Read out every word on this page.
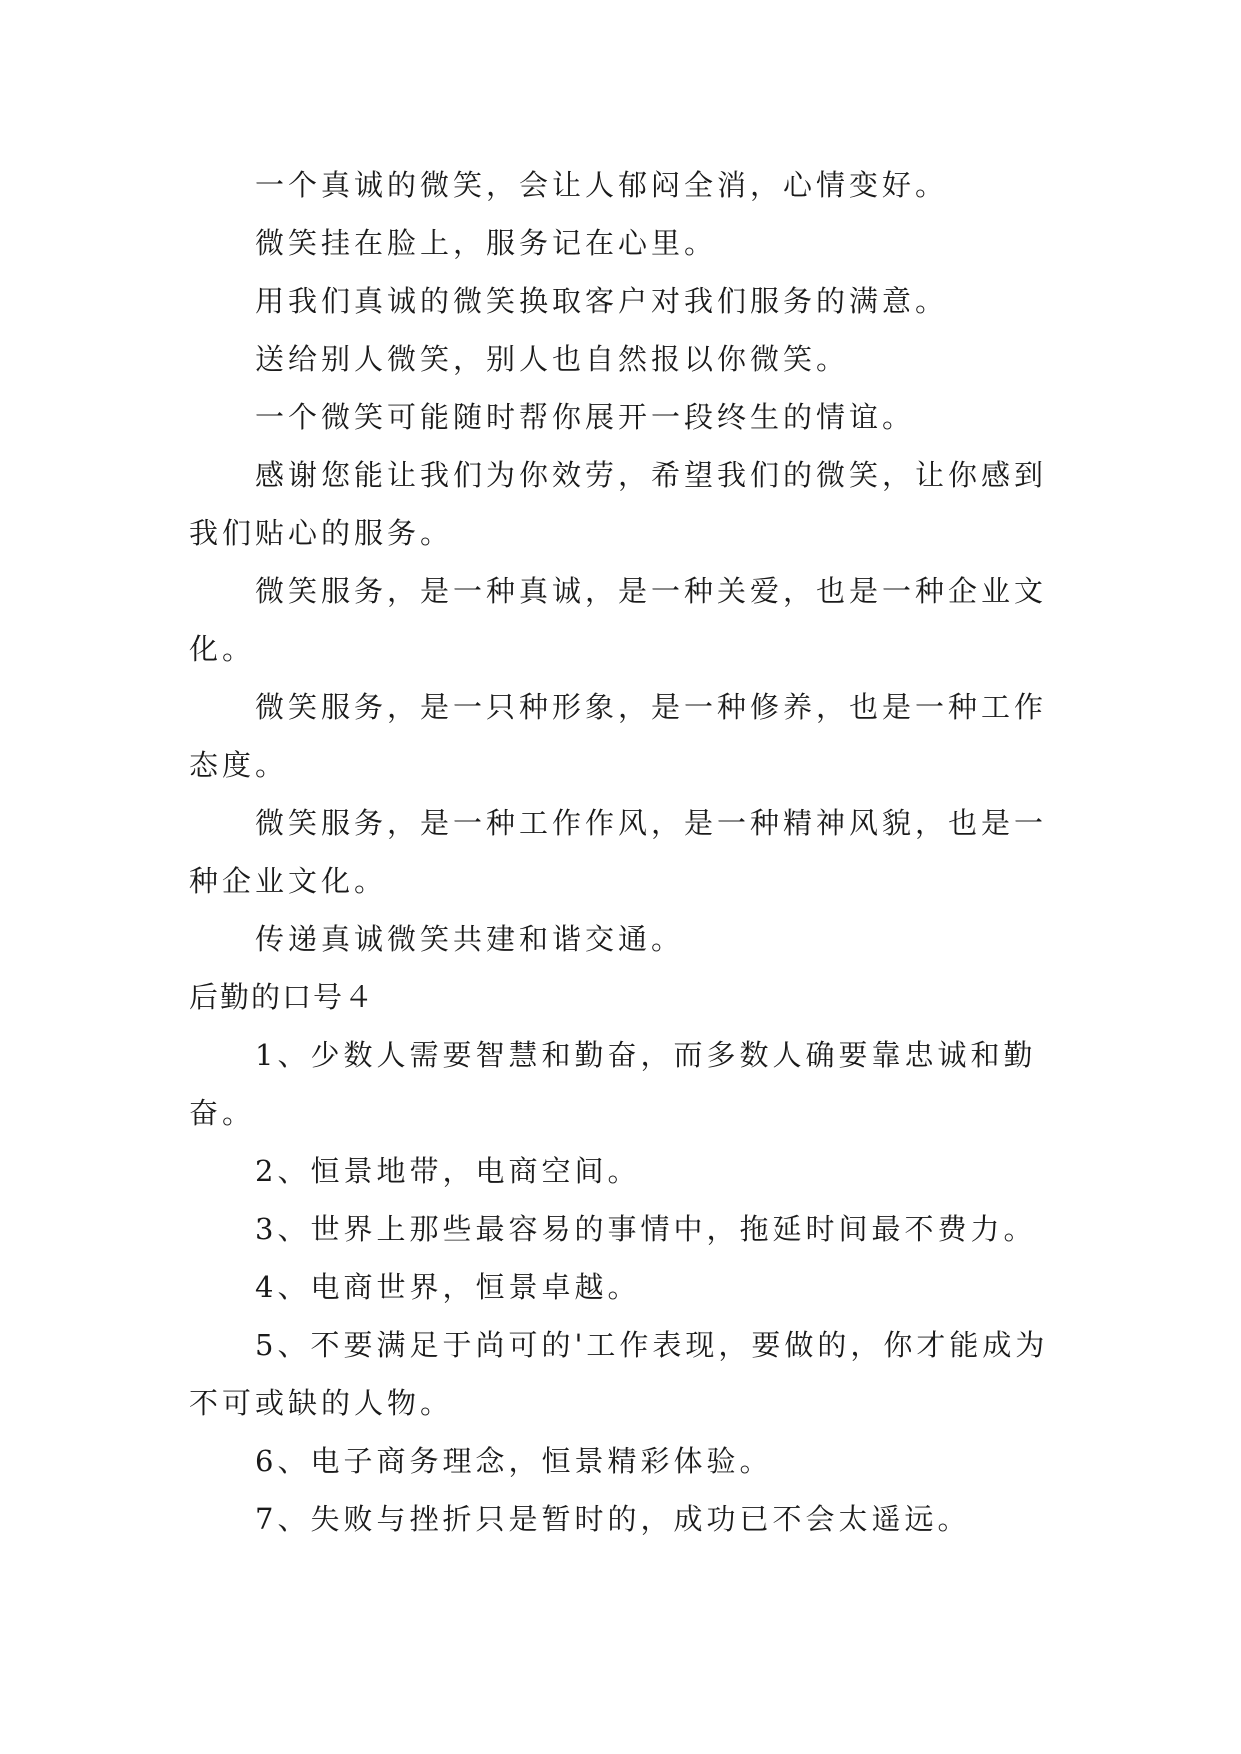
一个真诚的微笑，会让人郁闷全消，心情变好。
微笑挂在脸上，服务记在心里。
用我们真诚的微笑换取客户对我们服务的满意。
送给别人微笑，别人也自然报以你微笑。
一个微笑可能随时帮你展开一段终生的情谊。
感谢您能让我们为你效劳，希望我们的微笑，让你感到
我们贴心的服务。
微笑服务，是一种真诚，是一种关爱，也是一种企业文
化。
微笑服务，是一只种形象，是一种修养，也是一种工作
态度。
微笑服务，是一种工作作风，是一种精神风貌，也是一
种企业文化。
传递真诚微笑共建和谐交通。
后勤的口号４
1、少数人需要智慧和勤奋，而多数人确要靠忠诚和勤
奋。
2、恒景地带，电商空间。
3、世界上那些最容易的事情中，拖延时间最不费力。
4、电商世界，恒景卓越。
5、不要满足于尚可的'工作表现，要做的，你才能成为
不可或缺的人物。
6、电子商务理念，恒景精彩体验。
7、失败与挫折只是暂时的，成功已不会太遥远。
